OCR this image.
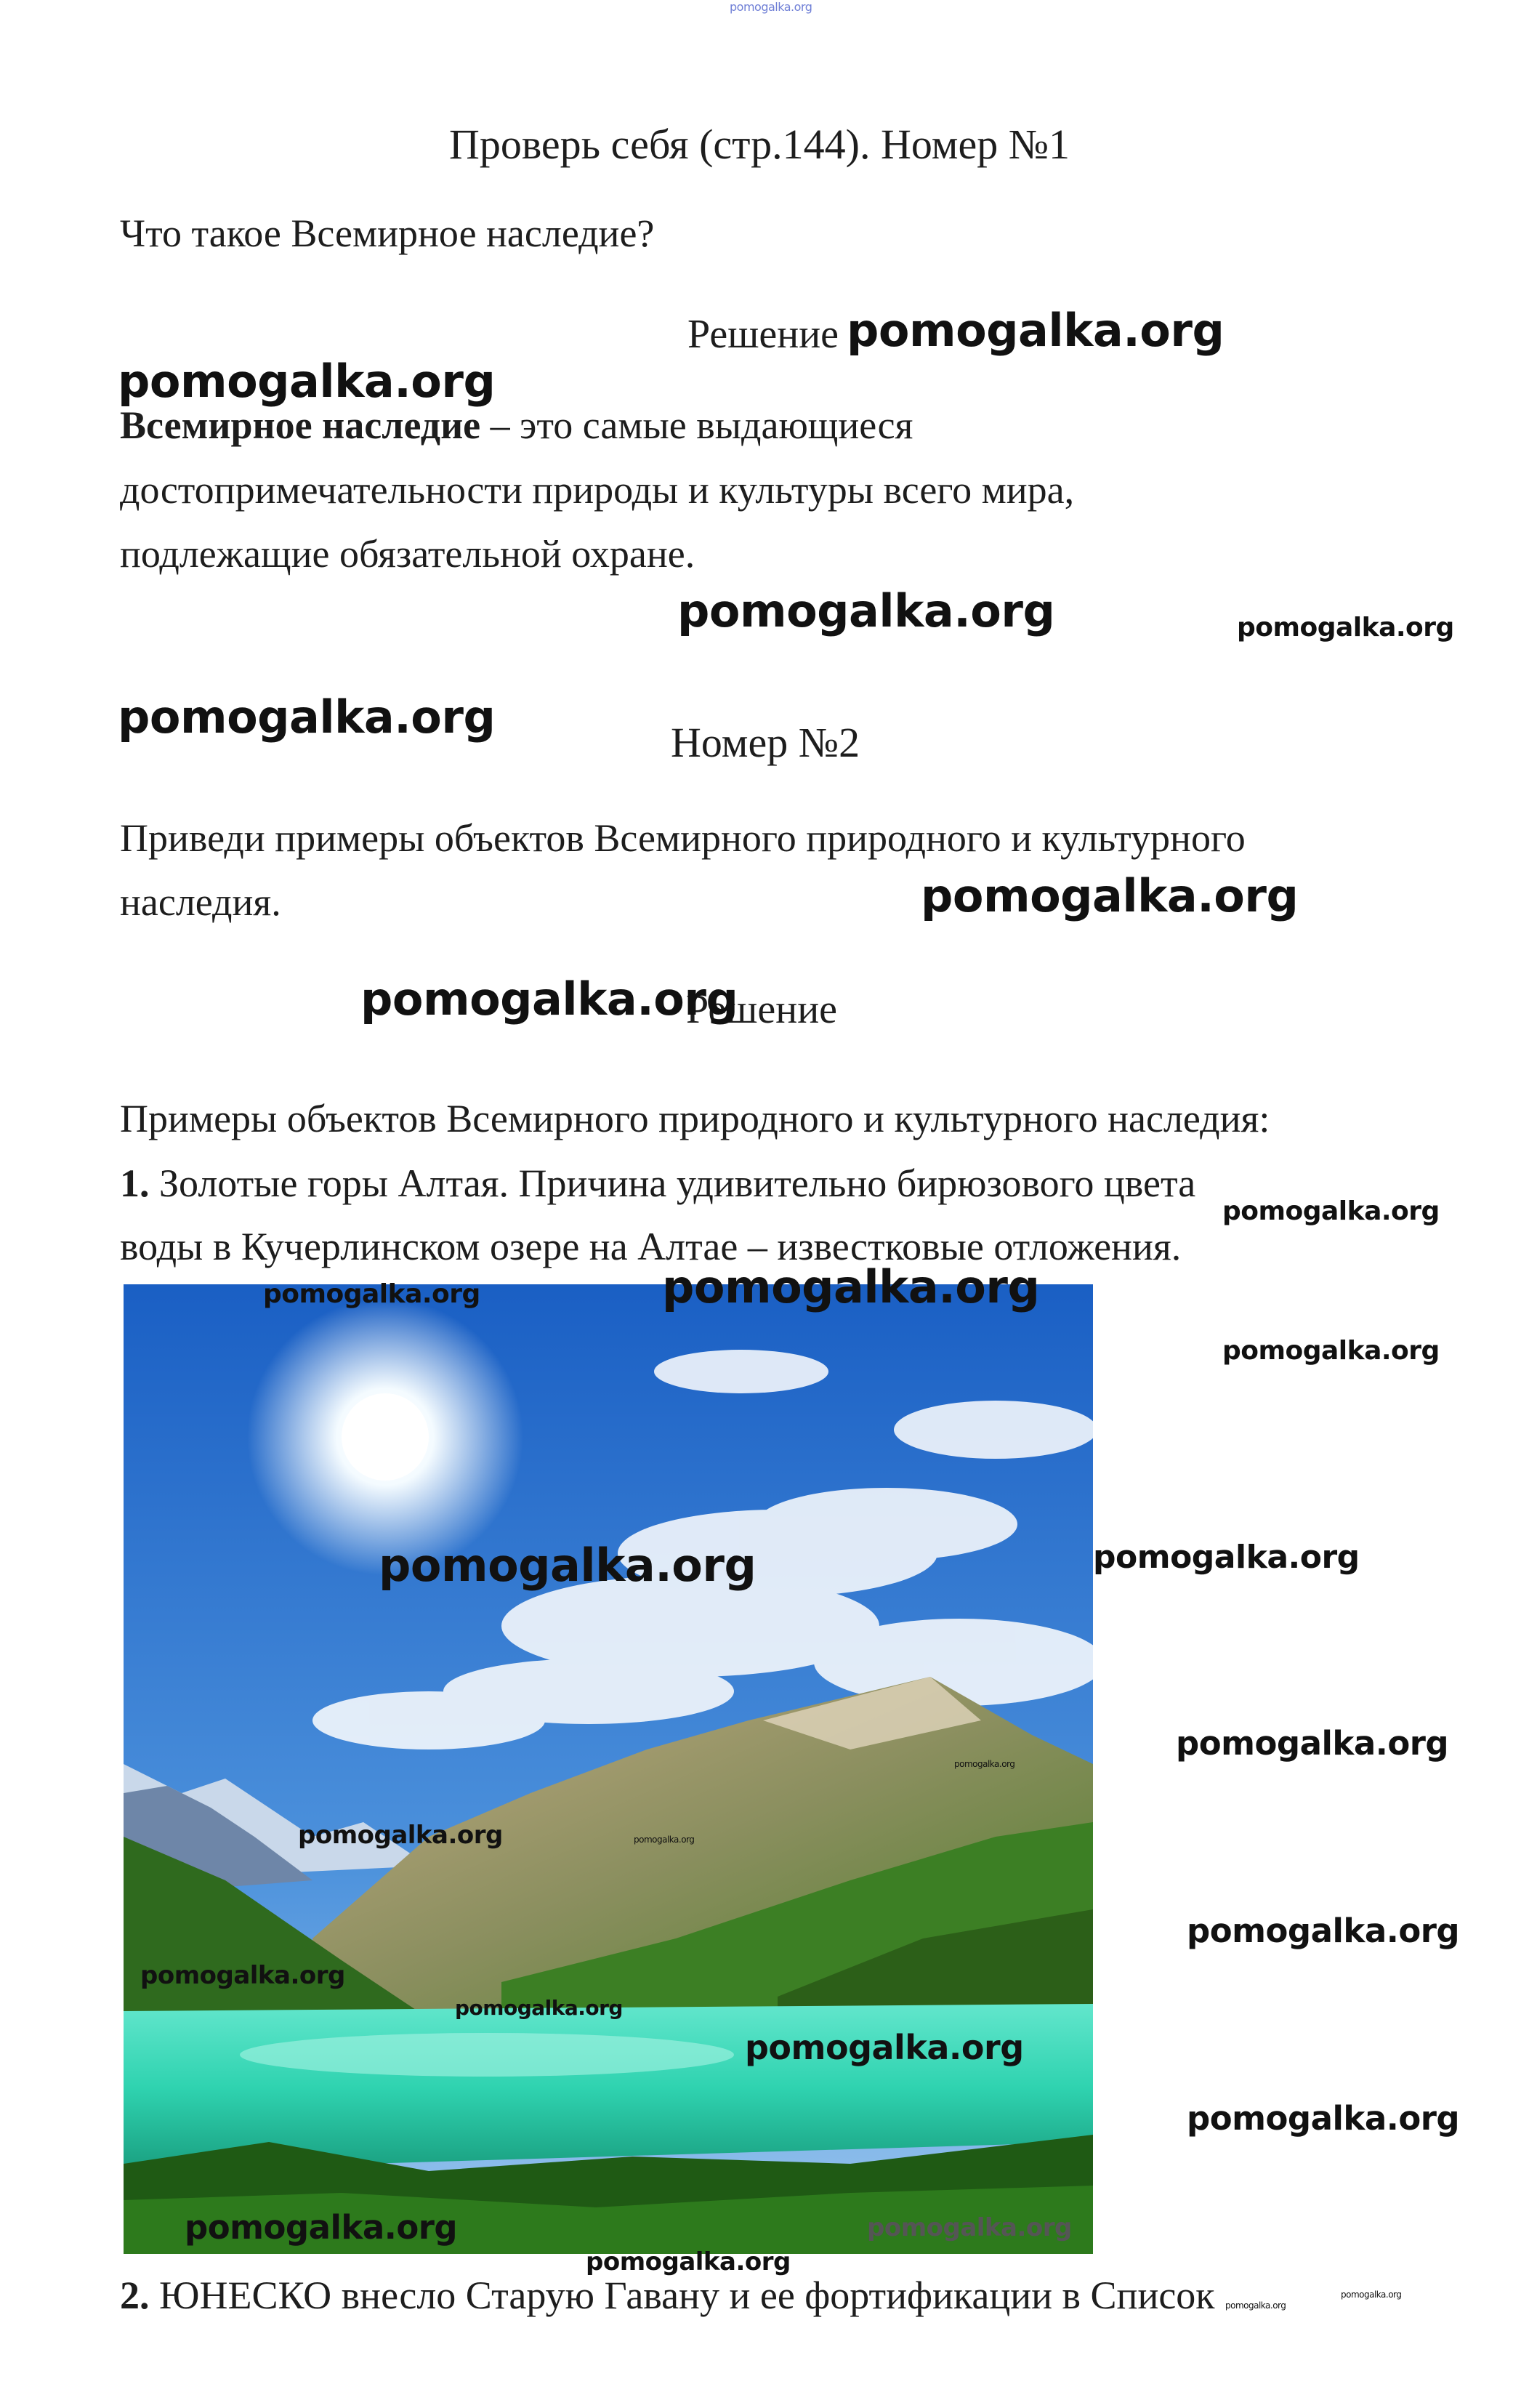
pomogalka.org
Проверь себя (стр.144). Номер №1
Что такое Всемирное наследие?
Решение
Всемирное наследие – это самые выдающиеся
достопримечательности природы и культуры всего мира,
подлежащие обязательной охране.
Номер №2
Приведи примеры объектов Всемирного природного и культурного
наследия.
Решение
Примеры объектов Всемирного природного и культурного наследия:
1. Золотые горы Алтая. Причина удивительно бирюзового цвета
воды в Кучерлинском озере на Алтае – известковые отложения.
2. ЮНЕСКО внесло Старую Гавану и ее фортификации в Список
pomogalka.org
pomogalka.org
pomogalka.org	pomogalka.org
pomogalka.org
pomogalka.org
pomogalka.org
pomogalka.org
pomogalka.org
pomogalka.org
pomogalka.org
pomogalka.org	pomogalka.org
pomogalka.org
pomogalka.org
pomogalka.org
pomogalka.org
pomogalka.org
pomogalka.org
pomogalka.org
pomogalka.org
pomogalka.org
pomogalka.org	pomogalka.org
pomogalka.org
pomogalka.org
pomogalka.org
